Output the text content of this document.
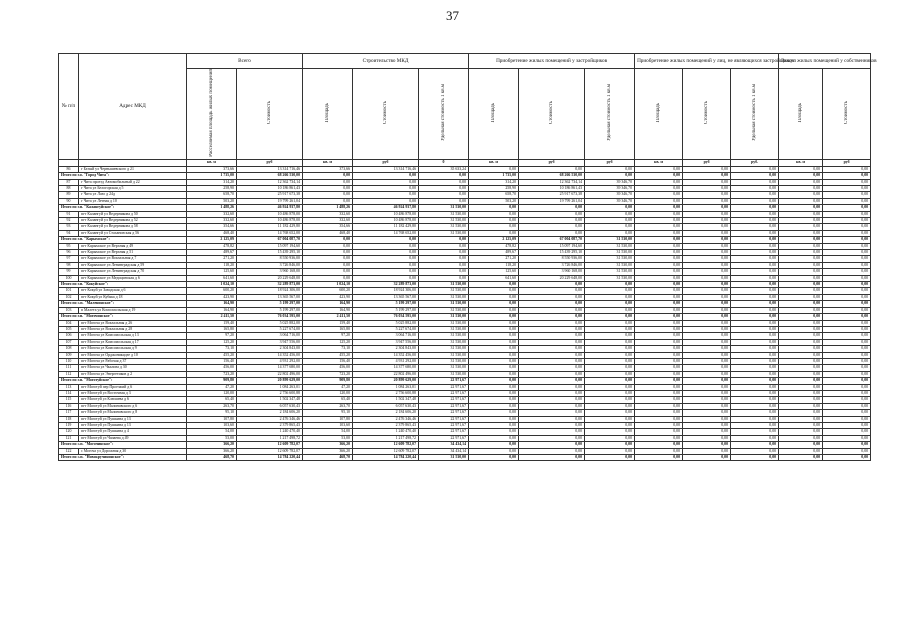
37
№ п/п	Адрес МКД	Всего		Строительство МКД			Приобретение жилых помещений у застройщиков			Приобретение жилых помещений у лиц, не являющихся застройщиком			Выкуп жилых помещений у собственников		
		Расселяемая площадь жилых помещений	Стоимость	Площадь	Стоимость	Удельная стоимость 1 кв.м	Площадь	Стоимость	Удельная стоимость 1 кв.м	Площадь	Стоимость	Удельная стоимость 1 кв.м	Площадь	Стоимость	
		кв. м	руб	кв. м	руб	0	кв. м	руб	руб	кв. м	руб	руб.	кв. м	руб	
86	г Белый ул Чернышевского д 21	373,66	13 314 716,46	373,66	13 314 716,46	35 633,24	0,00	0,00	0,00	0,00	0,00	0,00	0,00	0,00	
Итого по г.о. "Город Чита":		1 735,00	68 266 530,00	0,00	0,00	0,00	1 735,00	68 266 530,00	0,00	0,00	0,00	0,00	0,00	0,00	
87	г Чита проезд Автомобильный д 22	314,20	12 362 734,14	0,00	0,00	0,00	314,20	12 362 734,14	39 346,70	0,00	0,00	0,00	0,00	0,00	
88	г Чита ул Белогорская д 5	258,90	10 186 861,43	0,00	0,00	0,00	258,90	10 186 861,43	39 346,70	0,00	0,00	0,00	0,00	0,00	
89	г Чита ул Лазо д 24д	658,70	25 917 673,38	0,00	0,00	0,00	658,70	25 917 673,38	39 346,70	0,00	0,00	0,00	0,00	0,00	
90	г Чита ул Летная д 10	503,20	19 799 261,04	0,00	0,00	0,00	503,20	19 799 261,04	39 346,70	0,00	0,00	0,00	0,00	0,00	
Итого по г.п. "Калангуйское":		1 488,26	46 924 937,80	1 488,26	46 924 937,80	31 530,00	0,00	0,00	0,00	0,00	0,00	0,00	0,00	0,00	
91	пгт Калангуй ул Ведерникова д 50	332,60	10 486 878,00	332,60	10 486 878,00	31 530,00	0,00	0,00	0,00	0,00	0,00	0,00	0,00	0,00	
92	пгт Калангуй ул Ведерникова д 52	332,60	10 486 878,00	332,60	10 486 878,00	31 530,00	0,00	0,00	0,00	0,00	0,00	0,00	0,00	0,00	
93	пгт Калангуй ул Ведерникова д 58	354,66	11 182 429,80	354,66	11 182 429,80	31 530,00	0,00	0,00	0,00	0,00	0,00	0,00	0,00	0,00	
94	пгт Калангуй ул Стахановская д 56	468,40	14 768 652,00	468,40	14 768 652,00	31 530,00	0,00	0,00	0,00	0,00	0,00	0,00	0,00	0,00	
Итого по г.п. "Карымское":		2 125,09	67 004 087,70	0,00	0,00	0,00	2 125,09	67 004 087,70	31 530,00	0,00	0,00	0,00	0,00	0,00	
95	пгт Карымское ул Верхняя д 49	478,82	15 097 194,60	0,00	0,00	0,00	478,82	15 097 194,60	31 530,00	0,00	0,00	0,00	0,00	0,00	
96	пгт Карымское ул Верхняя д 51	489,67	15 439 295,10	0,00	0,00	0,00	489,67	15 439 295,10	31 530,00	0,00	0,00	0,00	0,00	0,00	
97	пгт Карымское ул Вокзальная д 7	271,20	8 550 936,00	0,00	0,00	0,00	271,20	8 550 936,00	31 530,00	0,00	0,00	0,00	0,00	0,00	
98	пгт Карымское ул Ленинградская д 59	118,20	3 726 846,00	0,00	0,00	0,00	118,20	3 726 846,00	31 530,00	0,00	0,00	0,00	0,00	0,00	
99	пгт Карымское ул Ленинградская д 70	125,60	3 960 168,00	0,00	0,00	0,00	125,60	3 960 168,00	31 530,00	0,00	0,00	0,00	0,00	0,00	
100	пгт Карымское ул Медицинская д 6	641,60	20 229 648,00	0,00	0,00	0,00	641,60	20 229 648,00	31 530,00	0,00	0,00	0,00	0,00	0,00	
Итого по г.п. "Кокуйское":		1 024,10	32 289 873,00	1 024,10	32 289 873,00	31 530,00	0,00	0,00	0,00	0,00	0,00	0,00	0,00	0,00	
101	пгт Кокуй ул Заводская д 6	600,20	18 924 306,00	600,20	18 924 306,00	31 530,00	0,00	0,00	0,00	0,00	0,00	0,00	0,00	0,00	
102	пгт Кокуй ул Кубяка д 18	423,90	13 365 567,00	423,90	13 365 567,00	31 530,00	0,00	0,00	0,00	0,00	0,00	0,00	0,00	0,00	
Итого по с.п. "Маленинское":		164,90	5 199 297,00	164,90	5 199 297,00	31 530,00	0,00	0,00	0,00	0,00	0,00	0,00	0,00	0,00	
103	п Малета ул Комсомольская д 19	164,90	5 199 297,00	164,90	5 199 297,00	31 530,00	0,00	0,00	0,00	0,00	0,00	0,00	0,00	0,00	
Итого по г.п. "Могочинское":		2 411,50	76 034 595,00	2 411,50	76 034 595,00	31 530,00	0,00	0,00	0,00	0,00	0,00	0,00	0,00	0,00	
104	пгт Могоча ул Вокзальная д 26	159,40	5 025 882,00	159,40	5 025 882,00	31 530,00	0,00	0,00	0,00	0,00	0,00	0,00	0,00	0,00	
105	пгт Могоча ул Вокзальная д 28	165,80	5 227 674,00	165,80	5 227 674,00	31 530,00	0,00	0,00	0,00	0,00	0,00	0,00	0,00	0,00	
106	пгт Могоча ул Комсомольская д 13	97,20	3 064 716,00	97,20	3 064 716,00	31 530,00	0,00	0,00	0,00	0,00	0,00	0,00	0,00	0,00	
107	пгт Могоча ул Комсомольская д 17	125,20	3 947 556,00	125,20	3 947 556,00	31 530,00	0,00	0,00	0,00	0,00	0,00	0,00	0,00	0,00	
108	пгт Могоча ул Комсомольская д 9	73,10	2 304 843,00	73,10	2 304 843,00	31 530,00	0,00	0,00	0,00	0,00	0,00	0,00	0,00	0,00	
109	пгт Могоча ул Орджоникидзе д 10	455,20	14 352 456,00	455,20	14 352 456,00	31 530,00	0,00	0,00	0,00	0,00	0,00	0,00	0,00	0,00	
110	пгт Могоча ул Рабочая д 37	156,40	4 931 292,00	156,40	4 931 292,00	31 530,00	0,00	0,00	0,00	0,00	0,00	0,00	0,00	0,00	
111	пгт Могоча ул Чкалова д 30	456,00	14 377 680,00	456,00	14 377 680,00	31 530,00	0,00	0,00	0,00	0,00	0,00	0,00	0,00	0,00	
112	пгт Могоча ул Энергетиков д 2	723,20	22 802 496,00	723,20	22 802 496,00	31 530,00	0,00	0,00	0,00	0,00	0,00	0,00	0,00	0,00	
Итого по г.п. "Моготуйское":		909,80	20 899 629,00	909,80	20 899 629,00	22 971,67	0,00	0,00	0,00	0,00	0,00	0,00	0,00	0,00	
113	пгт Моготуй пер Проезжий д 6	47,20	1 084 263,01	47,20	1 084 263,01	22 971,67	0,00	0,00	0,00	0,00	0,00	0,00	0,00	0,00	
114	пгт Моготуй ул Восточная д 3	120,00	2 756 600,88	120,00	2 756 600,88	22 971,67	0,00	0,00	0,00	0,00	0,00	0,00	0,00	0,00	
115	пгт Моготуй ул Клюшева д 6	65,40	1 502 347,48	65,40	1 502 347,48	22 971,67	0,00	0,00	0,00	0,00	0,00	0,00	0,00	0,00	
116	пгт Моготуй ул Малиновского д 6	263,70	6 057 630,43	263,70	6 057 630,43	22 971,67	0,00	0,00	0,00	0,00	0,00	0,00	0,00	0,00	
117	пгт Моготуй ул Малиновского д 8	95,10	2 184 606,20	95,10	2 184 606,20	22 971,67	0,00	0,00	0,00	0,00	0,00	0,00	0,00	0,00	
118	пгт Моготуй ул Пушкина д 13	107,80	2 476 346,46	107,80	2 476 346,46	22 971,67	0,00	0,00	0,00	0,00	0,00	0,00	0,00	0,00	
119	пгт Моготуй ул Пушкина д 13	103,60	2 379 865,43	103,60	2 379 865,43	22 971,67	0,00	0,00	0,00	0,00	0,00	0,00	0,00	0,00	
120	пгт Моготуй ул Пушкина д 4	54,00	1 240 470,40	54,00	1 240 470,40	22 971,67	0,00	0,00	0,00	0,00	0,00	0,00	0,00	0,00	
121	пгт Моготуй ул Чапаева д 49	53,00	1 217 498,72	53,00	1 217 498,72	22 971,67	0,00	0,00	0,00	0,00	0,00	0,00	0,00	0,00	
Итого по с.п. "Могочинское":		366,20	12 609 782,07	366,20	12 609 782,07	34 434,14	0,00	0,00	0,00	0,00	0,00	0,00	0,00	0,00	
122	с Могоча ул Дорожная д 30	366,20	12 609 782,07	366,20	12 609 782,07	34 434,14	0,00	0,00	0,00	0,00	0,00	0,00	0,00	0,00	
Итого по с.п. "Новокручининское":		468,70	14 784 220,44	468,70	14 784 220,44	31 530,00	0,00	0,00	0,00	0,00	0,00	0,00	0,00	0,00	
